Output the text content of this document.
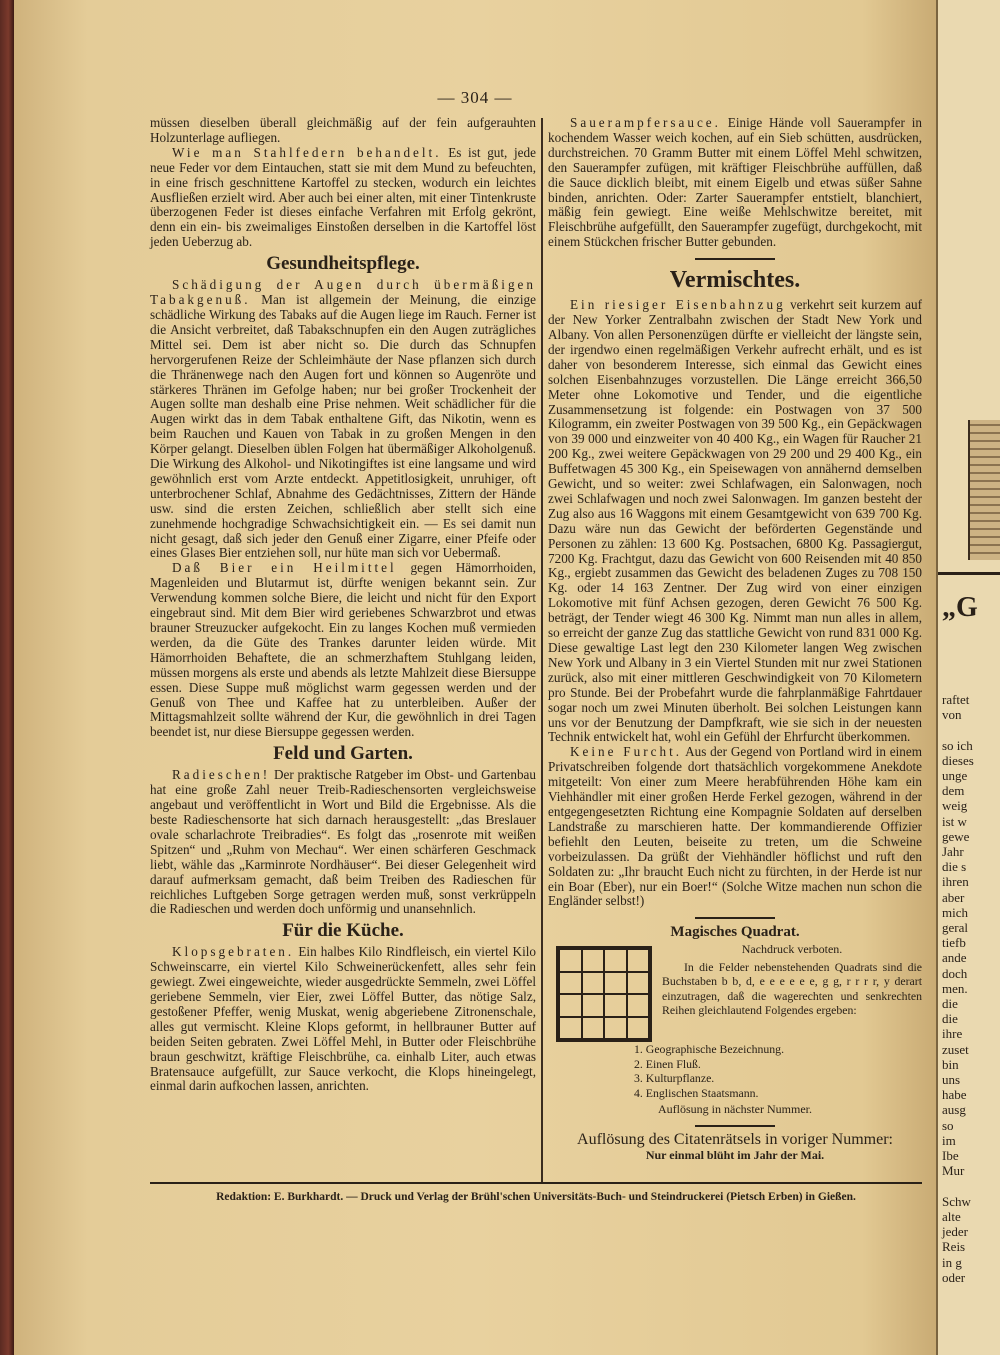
— 304 —

müssen dieselben überall gleichmäßig auf der fein aufgerauhten Holzunterlage aufliegen.

Wie man Stahlfedern behandelt. Es ist gut, jede neue Feder vor dem Eintauchen, statt sie mit dem Mund zu befeuchten, in eine frisch geschnittene Kartoffel zu stecken, wodurch ein leichtes Ausfließen erzielt wird. Aber auch bei einer alten, mit einer Tintenkruste überzogenen Feder ist dieses einfache Verfahren mit Erfolg gekrönt, denn ein ein- bis zweimaliges Einstoßen derselben in die Kartoffel löst jeden Ueberzug ab.

Gesundheitspflege.

Schädigung der Augen durch übermäßigen Tabakgenuß. Man ist allgemein der Meinung, die einzige schädliche Wirkung des Tabaks auf die Augen liege im Rauch. Ferner ist die Ansicht verbreitet, daß Tabakschnupfen ein den Augen zuträgliches Mittel sei. Dem ist aber nicht so. Die durch das Schnupfen hervorgerufenen Reize der Schleimhäute der Nase pflanzen sich durch die Thränenwege nach den Augen fort und können so Augenröte und stärkeres Thränen im Gefolge haben; nur bei großer Trockenheit der Augen sollte man deshalb eine Prise nehmen. Weit schädlicher für die Augen wirkt das in dem Tabak enthaltene Gift, das Nikotin, wenn es beim Rauchen und Kauen von Tabak in zu großen Mengen in den Körper gelangt. Dieselben üblen Folgen hat übermäßiger Alkoholgenuß. Die Wirkung des Alkohol- und Nikotingiftes ist eine langsame und wird gewöhnlich erst vom Arzte entdeckt. Appetitlosigkeit, unruhiger, oft unterbrochener Schlaf, Abnahme des Gedächtnisses, Zittern der Hände usw. sind die ersten Zeichen, schließlich aber stellt sich eine zunehmende hochgradige Schwachsichtigkeit ein. — Es sei damit nun nicht gesagt, daß sich jeder den Genuß einer Zigarre, einer Pfeife oder eines Glases Bier entziehen soll, nur hüte man sich vor Uebermaß.

Daß Bier ein Heilmittel gegen Hämorrhoiden, Magenleiden und Blutarmut ist, dürfte wenigen bekannt sein. Zur Verwendung kommen solche Biere, die leicht und nicht für den Export eingebraut sind. Mit dem Bier wird geriebenes Schwarzbrot und etwas brauner Streuzucker aufgekocht. Ein zu langes Kochen muß vermieden werden, da die Güte des Trankes darunter leiden würde. Mit Hämorrhoiden Behaftete, die an schmerzhaftem Stuhlgang leiden, müssen morgens als erste und abends als letzte Mahlzeit diese Biersuppe essen. Diese Suppe muß möglichst warm gegessen werden und der Genuß von Thee und Kaffee hat zu unterbleiben. Außer der Mittagsmahlzeit sollte während der Kur, die gewöhnlich in drei Tagen beendet ist, nur diese Biersuppe gegessen werden.

Feld und Garten.

Radieschen! Der praktische Ratgeber im Obst- und Gartenbau hat eine große Zahl neuer Treib-Radieschensorten vergleichsweise angebaut und veröffentlicht in Wort und Bild die Ergebnisse. Als die beste Radieschensorte hat sich darnach herausgestellt: „das Breslauer ovale scharlachrote Treibradies“. Es folgt das „rosenrote mit weißen Spitzen“ und „Ruhm von Mechau“. Wer einen schärferen Geschmack liebt, wähle das „Karminrote Nordhäuser“. Bei dieser Gelegenheit wird darauf aufmerksam gemacht, daß beim Treiben des Radieschen für reichliches Luftgeben Sorge getragen werden muß, sonst verkrüppeln die Radieschen und werden doch unförmig und unansehnlich.

Für die Küche.

Klopsgebraten. Ein halbes Kilo Rindfleisch, ein viertel Kilo Schweinscarre, ein viertel Kilo Schweinerückenfett, alles sehr fein gewiegt. Zwei eingeweichte, wieder ausgedrückte Semmeln, zwei Löffel geriebene Semmeln, vier Eier, zwei Löffel Butter, das nötige Salz, gestoßener Pfeffer, wenig Muskat, wenig abgeriebene Zitronenschale, alles gut vermischt. Kleine Klops geformt, in hellbrauner Butter auf beiden Seiten gebraten. Zwei Löffel Mehl, in Butter oder Fleischbrühe braun geschwitzt, kräftige Fleischbrühe, ca. einhalb Liter, auch etwas Bratensauce aufgefüllt, zur Sauce verkocht, die Klops hineingelegt, einmal darin aufkochen lassen, anrichten.

Sauerampfersauce. Einige Hände voll Sauerampfer in kochendem Wasser weich kochen, auf ein Sieb schütten, ausdrücken, durchstreichen. 70 Gramm Butter mit einem Löffel Mehl schwitzen, den Sauerampfer zufügen, mit kräftiger Fleischbrühe auffüllen, daß die Sauce dicklich bleibt, mit einem Eigelb und etwas süßer Sahne binden, anrichten. Oder: Zarter Sauerampfer entstielt, blanchiert, mäßig fein gewiegt. Eine weiße Mehlschwitze bereitet, mit Fleischbrühe aufgefüllt, den Sauerampfer zugefügt, durchgekocht, mit einem Stückchen frischer Butter gebunden.

Vermischtes.

Ein riesiger Eisenbahnzug verkehrt seit kurzem auf der New Yorker Zentralbahn zwischen der Stadt New York und Albany. Von allen Personenzügen dürfte er vielleicht der längste sein, der irgendwo einen regelmäßigen Verkehr aufrecht erhält, und es ist daher von besonderem Interesse, sich einmal das Gewicht eines solchen Eisenbahnzuges vorzustellen. Die Länge erreicht 366,50 Meter ohne Lokomotive und Tender, und die eigentliche Zusammensetzung ist folgende: ein Postwagen von 37 500 Kilogramm, ein zweiter Postwagen von 39 500 Kg., ein Gepäckwagen von 39 000 und einzweiter von 40 400 Kg., ein Wagen für Raucher 21 200 Kg., zwei weitere Gepäckwagen von 29 200 und 29 400 Kg., ein Buffetwagen 45 300 Kg., ein Speisewagen von annähernd demselben Gewicht, und so weiter: zwei Schlafwagen, ein Salonwagen, noch zwei Schlafwagen und noch zwei Salonwagen. Im ganzen besteht der Zug also aus 16 Waggons mit einem Gesamtgewicht von 639 700 Kg. Dazu wäre nun das Gewicht der beförderten Gegenstände und Personen zu zählen: 13 600 Kg. Postsachen, 6800 Kg. Passagiergut, 7200 Kg. Frachtgut, dazu das Gewicht von 600 Reisenden mit 40 850 Kg., ergiebt zusammen das Gewicht des beladenen Zuges zu 708 150 Kg. oder 14 163 Zentner. Der Zug wird von einer einzigen Lokomotive mit fünf Achsen gezogen, deren Gewicht 76 500 Kg. beträgt, der Tender wiegt 46 300 Kg. Nimmt man nun alles in allem, so erreicht der ganze Zug das stattliche Gewicht von rund 831 000 Kg. Diese gewaltige Last legt den 230 Kilometer langen Weg zwischen New York und Albany in 3 ein Viertel Stunden mit nur zwei Stationen zurück, also mit einer mittleren Geschwindigkeit von 70 Kilometern pro Stunde. Bei der Probefahrt wurde die fahrplanmäßige Fahrtdauer sogar noch um zwei Minuten überholt. Bei solchen Leistungen kann uns vor der Benutzung der Dampfkraft, wie sie sich in der neuesten Technik entwickelt hat, wohl ein Gefühl der Ehrfurcht überkommen.

Keine Furcht. Aus der Gegend von Portland wird in einem Privatschreiben folgende dort thatsächlich vorgekommene Anekdote mitgeteilt: Von einer zum Meere herabführenden Höhe kam ein Viehhändler mit einer großen Herde Ferkel gezogen, während in der entgegengesetzten Richtung eine Kompagnie Soldaten auf derselben Landstraße zu marschieren hatte. Der kommandierende Offizier befiehlt den Leuten, beiseite zu treten, um die Schweine vorbeizulassen. Da grüßt der Viehhändler höflichst und ruft den Soldaten zu: „Ihr braucht Euch nicht zu fürchten, in der Herde ist nur ein Boar (Eber), nur ein Boer!“ (Solche Witze machen nun schon die Engländer selbst!)

Magisches Quadrat.
Nachdruck verboten.

In die Felder nebenstehenden Quadrats sind die Buchstaben b b, d, e e e e e e, g g, r r r r, y derart einzutragen, daß die wagerechten und senkrechten Reihen gleichlautend Folgendes ergeben:

1. Geographische Bezeichnung.
2. Einen Fluß.
3. Kulturpflanze.
4. Englischen Staatsmann.
Auflösung in nächster Nummer.
Auflösung des Citatenrätsels in voriger Nummer:
Nur einmal blüht im Jahr der Mai.
Redaktion: E. Burkhardt. — Druck und Verlag der Brühl'schen Universitäts-Buch- und Steindruckerei (Pietsch Erben) in Gießen.
„G
raftet
von

so ich
dieses
unge
dem
weig
ist w
gewe
Jahr
die s
ihren
aber
mich
geral
tiefb
ande
doch
men.
die
die
ihre
zuset
bin
uns
habe
ausg
so
im
Ibe
Mur

Schw
alte
jeder
Reis
in g
oder
